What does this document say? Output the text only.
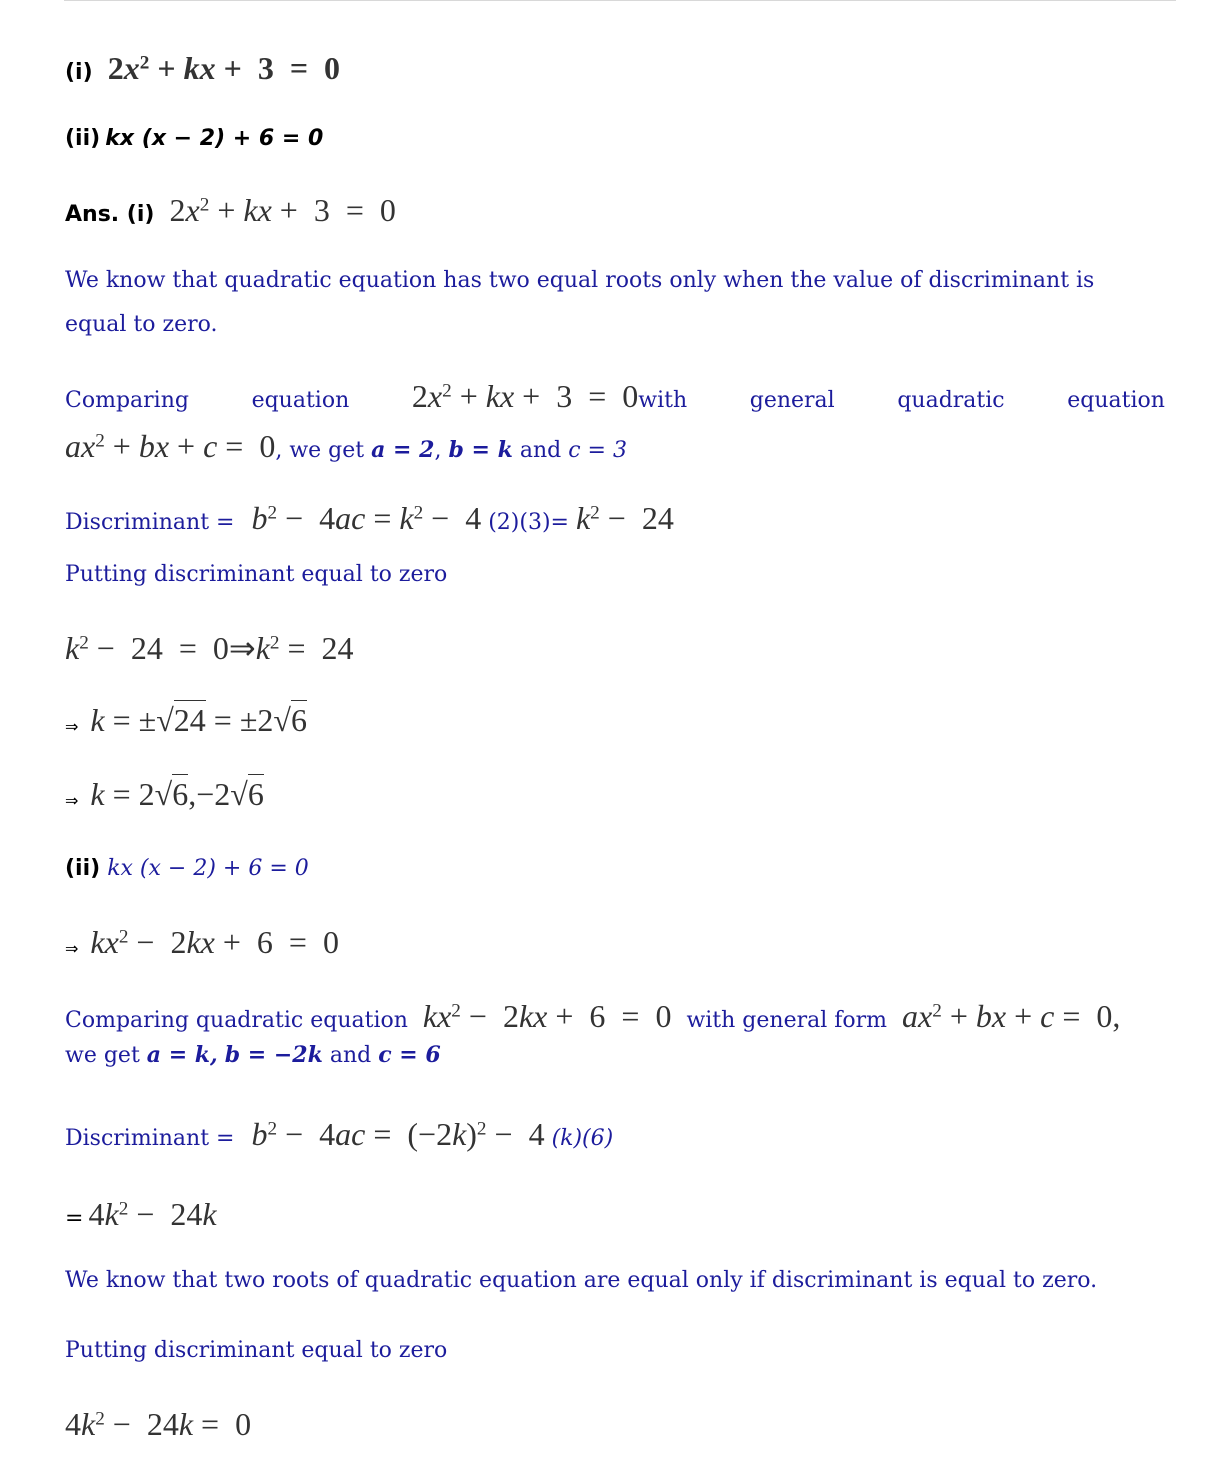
(i) $2x^2$ + kx +  3  =  0
(ii) kx (x − 2) + 6 = 0
Ans. (i) $2x^2$ + kx +  3  =  0
We know that quadratic equation has two equal roots only when the value of discriminant is
equal to zero.
Comparing	equation $2x^2$ + kx +  3  =  0with	general	quadratic	equation
$ax^2$ + bx + c =  0, we get a = 2, b = k and c = 3
Discriminant = $b^2 - 4ac = k^2 - 4$ $(2)(3)= k^2 - 24$
Putting discriminant equal to zero
$k^2 - 24$  =  $0\Rightarrow k^2 = 24$
⇒ k = ±√24 = ±2√6
⇒ k = 2√6,−2√6
(ii) kx (x − 2) + 6 = 0
⇒ $kx^2 - 2kx + 6 = 0$
Comparing quadratic equation $kx^2 - 2kx + 6 = 0$ with general form $ax^2$ + bx + c =  0,
we get a = k, b = −2k and c = 6
Discriminant = $b^2 - 4ac = (-2k)^2 - 4$ (k)(6)
= $4k^2 - 24k$
We know that two roots of quadratic equation are equal only if discriminant is equal to zero.
Putting discriminant equal to zero
$4k^2 - 24k = 0$
